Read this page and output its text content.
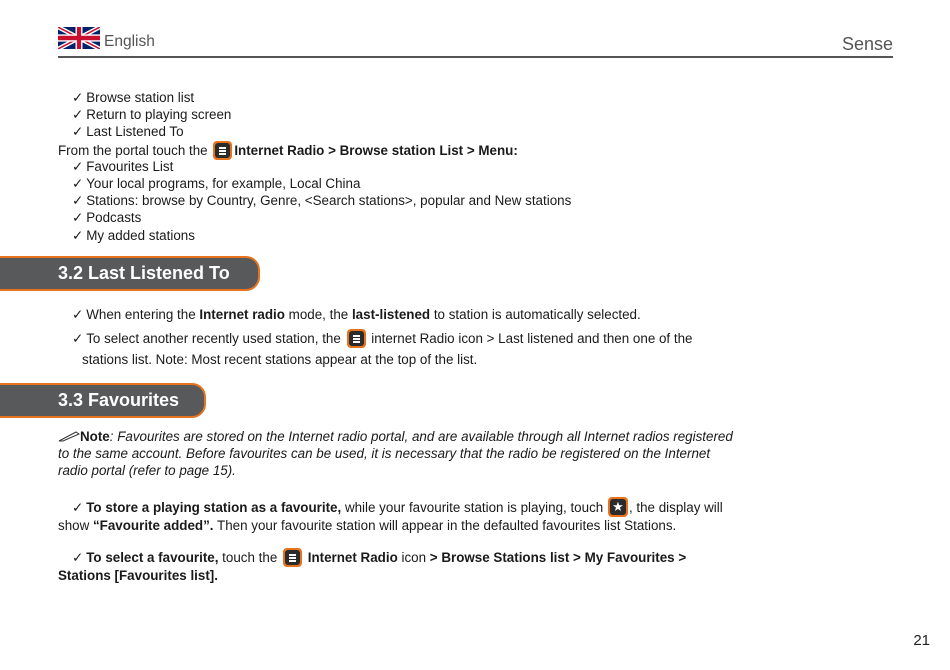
English	Sense
✓ Browse station list
✓ Return to playing screen
✓ Last Listened To
From the portal touch the
Internet Radio > Browse station List > Menu:
✓ Favourites List
✓ Your local programs, for example, Local China
✓ Stations: browse by Country, Genre, <Search stations>, popular and New stations
✓ Podcasts
✓ My added stations
3.2 Last Listened To
✓ When entering the Internet radio mode, the last-listened to station is automatically selected.
✓ To select another recently used station, the
internet Radio icon > Last listened and then one of the
stations list. Note: Most recent stations appear at the top of the list.
3.3 Favourites
Note: Favourites are stored on the Internet radio portal, and are available through all Internet radios registered to the same account. Before favourites can be used, it is necessary that the radio be registered on the Internet radio portal (refer to page 15).
✓ To store a playing station as a favourite, while your favourite station is playing, touch ★ , the display will show “Favourite added”. Then your favourite station will appear in the defaulted favourites list Stations.
✓ To select a favourite, touch the
Internet Radio icon > Browse Stations list > My Favourites > Stations [Favourites list].
21
